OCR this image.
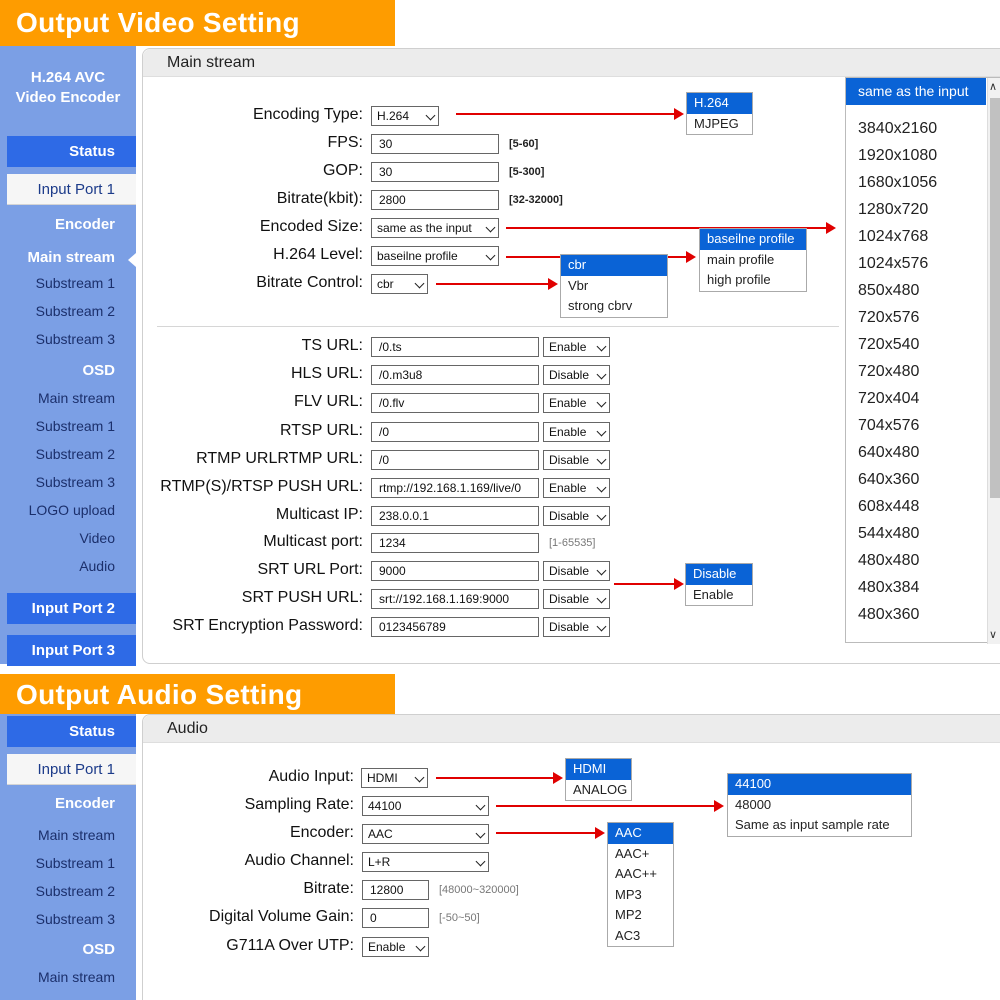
Output Video Setting
H.264 AVC
Video Encoder
Status
Input Port 1
Encoder
Main stream
Substream 1
Substream 2
Substream 3
OSD
Main stream
Substream 1
Substream 2
Substream 3
LOGO upload
Video
Audio
Input Port 2
Input Port 3
Main stream
Encoding Type:	H.264
FPS:	30	[5-60]
GOP:	30	[5-300]
Bitrate(kbit):	2800	[32-32000]
Encoded Size:	same as the input
H.264 Level:	baseilne profile
Bitrate Control:	cbr
TS URL:	/0.ts	Enable
HLS URL:	/0.m3u8	Disable
FLV URL:	/0.flv	Enable
RTSP URL:	/0	Enable
RTMP URLRTMP URL:	/0	Disable
RTMP(S)/RTSP PUSH URL:	rtmp://192.168.1.169/live/0	Enable
Multicast IP:	238.0.0.1	Disable
Multicast port:	1234	[1-65535]
SRT URL Port:	9000	Disable
SRT PUSH URL:	srt://192.168.1.169:9000	Disable
SRT Encryption Password:	0123456789	Disable
H.264
MJPEG
baseilne profile
main profile
high profile
cbr
Vbr
strong cbrv
Disable
Enable
same as the input
3840x2160
1920x1080
1680x1056
1280x720
1024x768
1024x576
850x480
720x576
720x540
720x480
720x404
704x576
640x480
640x360
608x448
544x480
480x480
480x384
480x360
∧
∨
Output Audio Setting
Status
Input Port 1
Encoder
Main stream
Substream 1
Substream 2
Substream 3
OSD
Main stream
Audio
Audio Input:	HDMI
Sampling Rate:	44100
Encoder:	AAC
Audio Channel:	L+R
Bitrate:	12800	[48000~320000]
Digital Volume Gain:	0	[-50~50]
G711A Over UTP:	Enable
HDMI
ANALOG	44100
48000
Same as input sample rate
AAC
AAC+
AAC++
MP3
MP2
AC3
